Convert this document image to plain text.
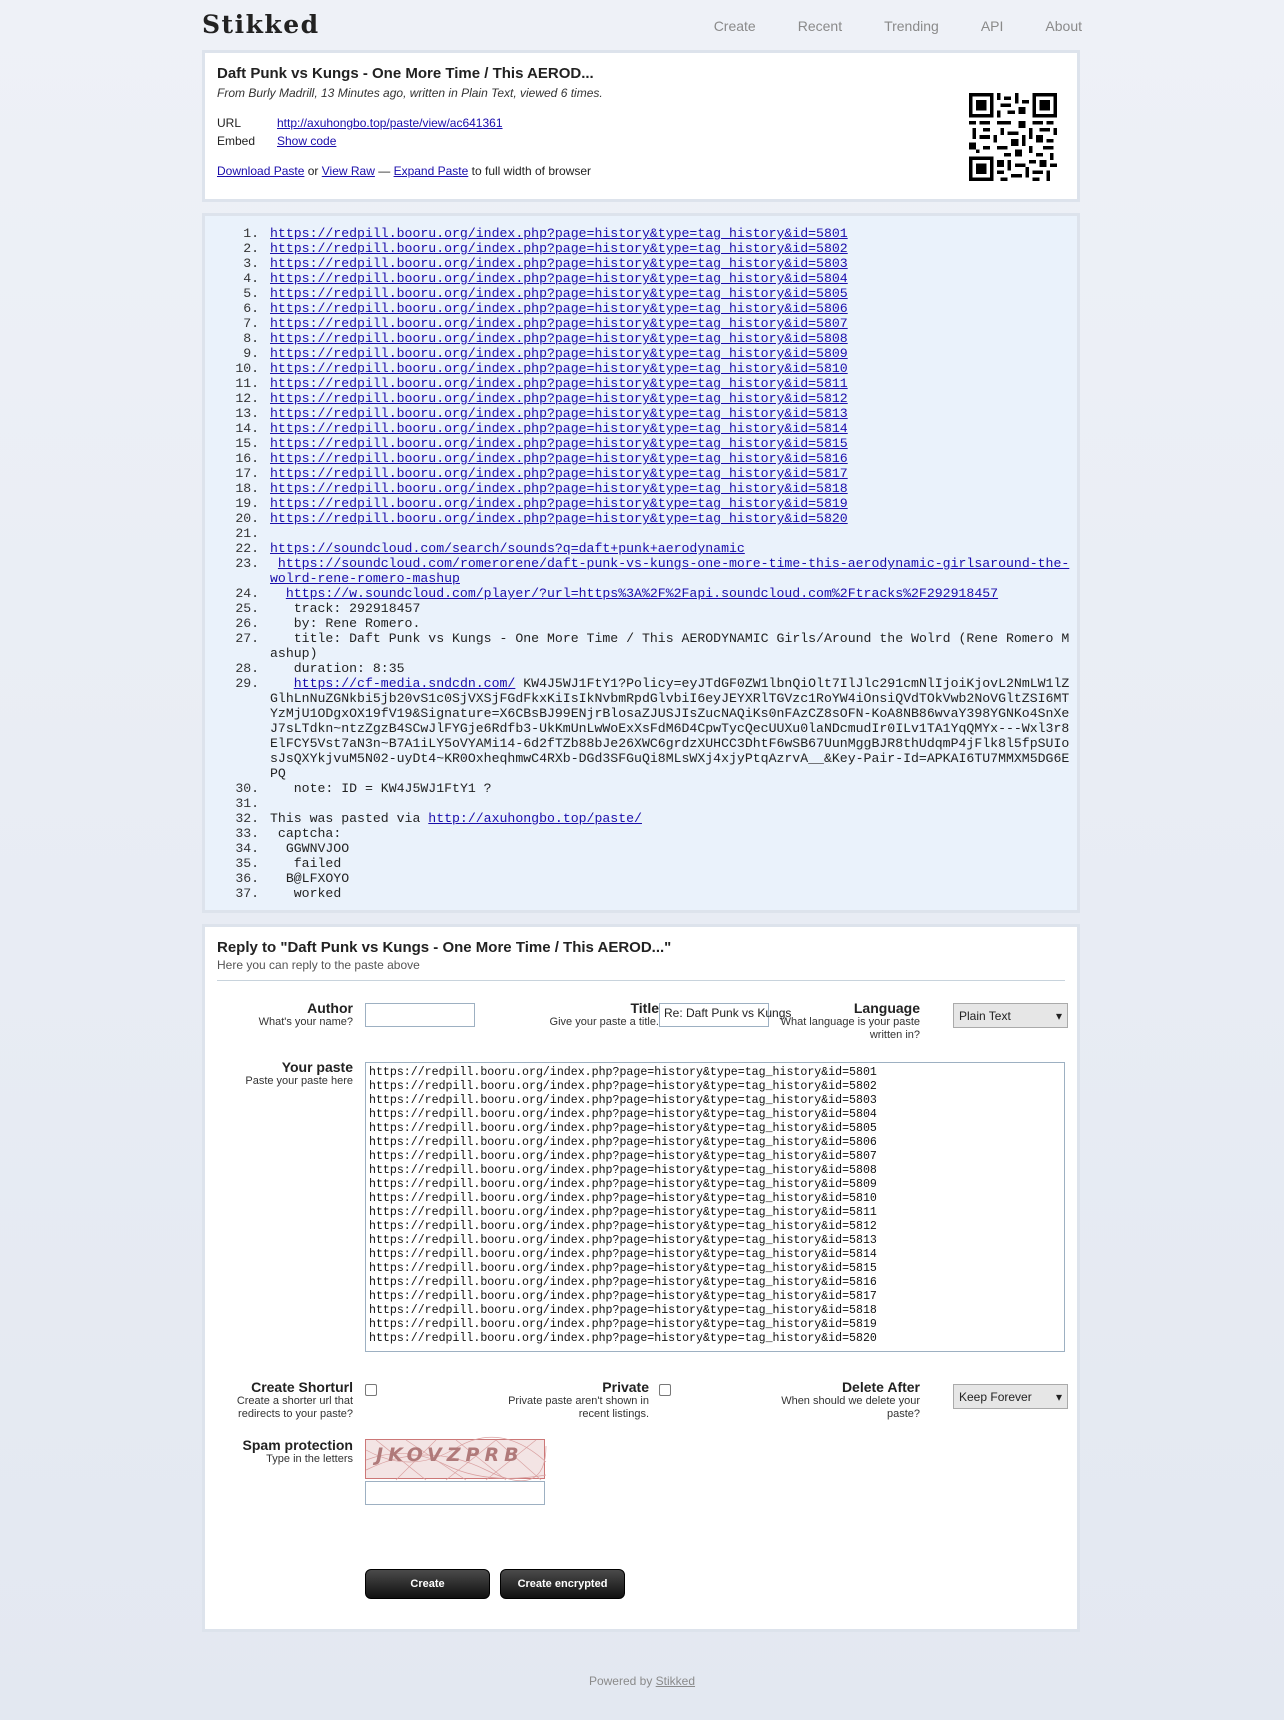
Stikked	Create	Recent	Trending	API	About
Daft Punk vs Kungs - One More Time / This AEROD...
From Burly Madrill, 13 Minutes ago, written in Plain Text, viewed 6 times.
URL	http://axuhongbo.top/paste/view/ac641361
Embed	Show code
Download Paste or View Raw — Expand Paste to full width of browser
1. https://redpill.booru.org/index.php?page=history&type=tag_history&id=5801
2. https://redpill.booru.org/index.php?page=history&type=tag_history&id=5802
3. https://redpill.booru.org/index.php?page=history&type=tag_history&id=5803
4. https://redpill.booru.org/index.php?page=history&type=tag_history&id=5804
5. https://redpill.booru.org/index.php?page=history&type=tag_history&id=5805
6. https://redpill.booru.org/index.php?page=history&type=tag_history&id=5806
7. https://redpill.booru.org/index.php?page=history&type=tag_history&id=5807
8. https://redpill.booru.org/index.php?page=history&type=tag_history&id=5808
9. https://redpill.booru.org/index.php?page=history&type=tag_history&id=5809
10. https://redpill.booru.org/index.php?page=history&type=tag_history&id=5810
11. https://redpill.booru.org/index.php?page=history&type=tag_history&id=5811
12. https://redpill.booru.org/index.php?page=history&type=tag_history&id=5812
13. https://redpill.booru.org/index.php?page=history&type=tag_history&id=5813
14. https://redpill.booru.org/index.php?page=history&type=tag_history&id=5814
15. https://redpill.booru.org/index.php?page=history&type=tag_history&id=5815
16. https://redpill.booru.org/index.php?page=history&type=tag_history&id=5816
17. https://redpill.booru.org/index.php?page=history&type=tag_history&id=5817
18. https://redpill.booru.org/index.php?page=history&type=tag_history&id=5818
19. https://redpill.booru.org/index.php?page=history&type=tag_history&id=5819
20. https://redpill.booru.org/index.php?page=history&type=tag_history&id=5820
21.
22. https://soundcloud.com/search/sounds?q=daft+punk+aerodynamic
23. https://soundcloud.com/romerorene/daft-punk-vs-kungs-one-more-time-this-aerodynamic-girlsaround-the-wolrd-rene-romero-mashup
24. https://w.soundcloud.com/player/?url=https%3A%2F%2Fapi.soundcloud.com%2Ftracks%2F292918457
25.    track: 292918457
26.    by: Rene Romero.
27.    title: Daft Punk vs Kungs - One More Time / This AERODYNAMIC Girls/Around the Wolrd (Rene Romero Mashup)
28.    duration: 8:35
29. https://cf-media.sndcdn.com/ KW4J5WJ1FtY1?Policy=eyJTdGF0ZW1lbnQiOlt7IlJlc291cmNlIjoiKjovL2NmLW1lZGlhLnNuZGNkbi5jb20vS1c0SjVXSjFGdFkxKiIsIkNvbmRpdGlvbiI6eyJEYXRlTGVzc1RoYW4iOnsiQVdTOkVwb2NoVGltZSI6MTYzMjU1ODgxOX19fV19&Signature=X6CBsBJ99ENjrBlosaZJUSJIsZucNAQiKs0nFAzCZ8sOFN-KoA8NB86wvaY398YGNKo4SnXeJ7sLTdkn~ntzZgzB4SCwJlFYGje6Rdfb3-UkKmUnLwWoExXsFdM6D4CpwTycQecUUXu0laNDcmudIr0ILv1TA1YqQMYx---Wxl3r8ElFCY5Vst7aN3n~B7A1iLY5oVYAMi14-6d2fTZb88bJe26XWC6grdzXUHCC3DhtF6wSB67UunMggBJR8thUdqmP4jFlk8l5fpSUIosJsQXYkjvuM5N02-uyDt4~KR0OxheqhmwC4RXb-DGd3SFGuQi8MLsWXj4xjyPtqAzrvA__&Key-Pair-Id=APKAI6TU7MMXM5DG6EPQ
30.    note: ID = KW4J5WJ1FtY1 ?
31.
32. This was pasted via http://axuhongbo.top/paste/
33.  captcha:
34.   GGWNVJOO
35.    failed
36.   B@LFXOYO
37.    worked
Reply to "Daft Punk vs Kungs - One More Time / This AEROD..."
Here you can reply to the paste above
Author
What's your name?
Title
Give your paste a title.
Re: Daft Punk vs Kungs	Language
What language is your paste written in?
Plain Text	▾
Your paste
Paste your paste here
https://redpill.booru.org/index.php?page=history&type=tag_history&id=5801
https://redpill.booru.org/index.php?page=history&type=tag_history&id=5802
https://redpill.booru.org/index.php?page=history&type=tag_history&id=5803
https://redpill.booru.org/index.php?page=history&type=tag_history&id=5804
https://redpill.booru.org/index.php?page=history&type=tag_history&id=5805
https://redpill.booru.org/index.php?page=history&type=tag_history&id=5806
https://redpill.booru.org/index.php?page=history&type=tag_history&id=5807
https://redpill.booru.org/index.php?page=history&type=tag_history&id=5808
https://redpill.booru.org/index.php?page=history&type=tag_history&id=5809
https://redpill.booru.org/index.php?page=history&type=tag_history&id=5810
https://redpill.booru.org/index.php?page=history&type=tag_history&id=5811
https://redpill.booru.org/index.php?page=history&type=tag_history&id=5812
https://redpill.booru.org/index.php?page=history&type=tag_history&id=5813
https://redpill.booru.org/index.php?page=history&type=tag_history&id=5814
https://redpill.booru.org/index.php?page=history&type=tag_history&id=5815
https://redpill.booru.org/index.php?page=history&type=tag_history&id=5816
https://redpill.booru.org/index.php?page=history&type=tag_history&id=5817
https://redpill.booru.org/index.php?page=history&type=tag_history&id=5818
https://redpill.booru.org/index.php?page=history&type=tag_history&id=5819
https://redpill.booru.org/index.php?page=history&type=tag_history&id=5820
Create Shorturl
Create a shorter url that redirects to your paste?
Private
Private paste aren't shown in recent listings.
Delete After
When should we delete your paste?
Keep Forever ▾
Spam protection
Type in the letters JKOVZPRB
Create	Create encrypted
Powered by Stikked
